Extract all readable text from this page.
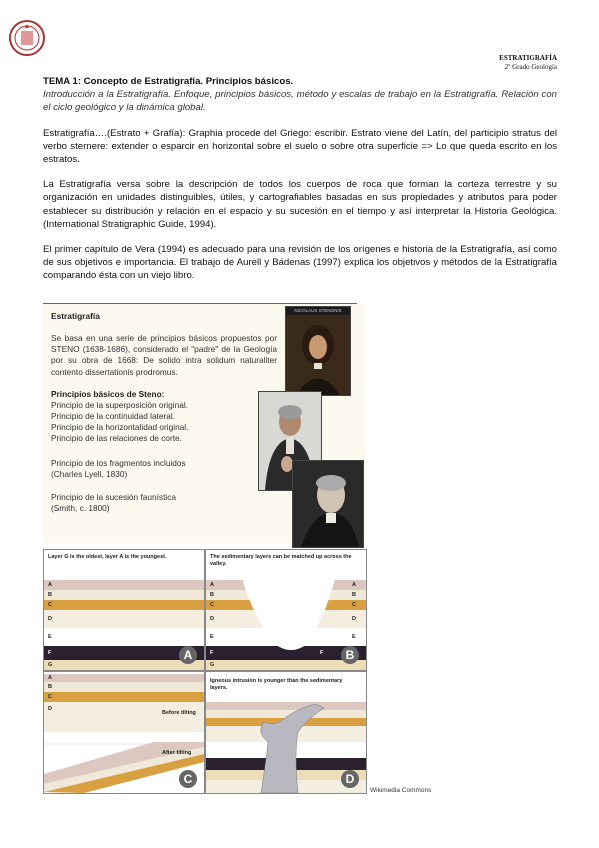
ESTRATIGRAFÍA
2º Grado Geología

TEMA 1: Concepto de Estratigrafía. Principios básicos.

Introducción a la Estratigrafía. Enfoque, principios básicos, método y escalas de trabajo en la Estratigrafía. Relación con el ciclo geológico y la dinámica global.

Estratigrafía….(Estrato + Grafía): Graphia procede del Griego: escribir. Estrato viene del Latín, del participio stratus del verbo sternere: extender o esparcir en horizontal sobre el suelo o sobre otra superficie => Lo que queda escrito en los estratos.

La Estratigrafía versa sobre la descripción de todos los cuerpos de roca que forman la corteza terrestre y su organización en unidades distinguibles, útiles, y cartografiables basadas en sus propiedades y atributos para poder establecer su distribución y relación en el espacio y su sucesión en el tiempo y así interpretar la Historia Geológica. (International Stratigraphic Guide, 1994).

El primer capítulo de Vera (1994) es adecuado para una revisión de los orígenes e historia de la Estratigrafía, así como de sus objetivos e importancia. El trabajo de Aurell y Bádenas (1997) explica los objetivos y métodos de la Estratigrafía comparando ésta con un viejo libro.

Estratigrafía
Se basa en una serie de principios básicos propuestos por STENO (1638-1686), considerado el "padre" de la Geología por su obra de 1668: De solido intra solidum naturaliter contento dissertationis prodromus.
Principios básicos de Steno:
Principio de la superposición original.
Principio de la continuidad lateral.
Principio de la horizontalidad original.
Principio de las relaciones de corte.
Principio de los fragmentos incluidos
(Charles Lyell, 1830)
Principio de la sucesión faunística
(Smith, c. 1800)
NICOLAUS STENONIS
Layer G is the oldest, layer A is the youngest.
A
B
C
D
E
F
G
A
The sedimentary layers can be matched up across the valley.
A
B
C
D
E
F
G
A
B
C
D
E
F	B
A
B
C
D
Before tilting
After tilting
C
Igneous intrusion is younger than the sedimentary layers.
D
Wikimedia Commons
